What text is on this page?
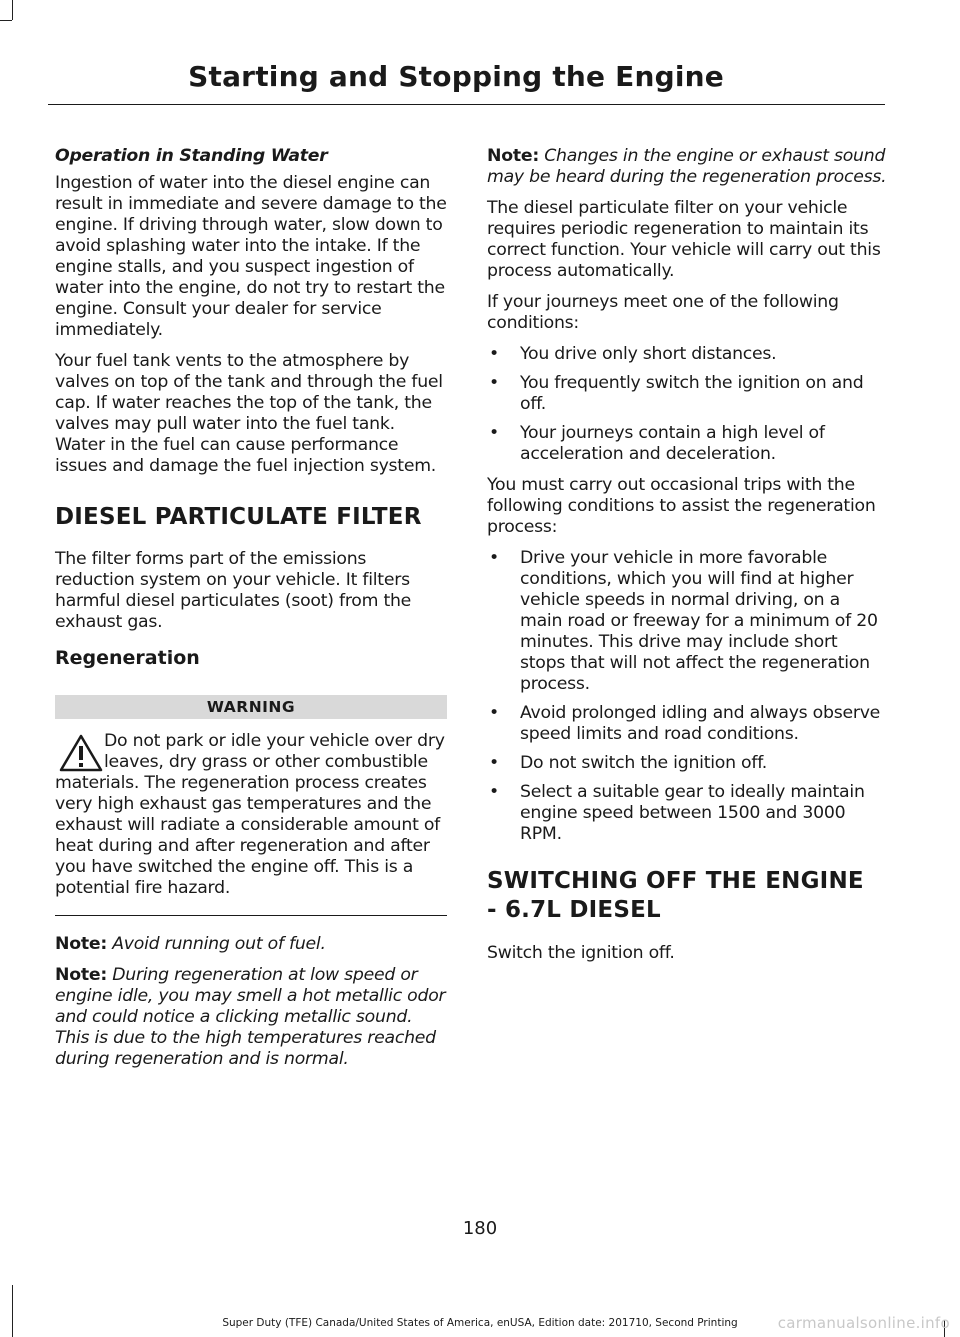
Starting and Stopping the Engine

Operation in Standing Water

Ingestion of water into the diesel engine can result in immediate and severe damage to the engine. If driving through water, slow down to avoid splashing water into the intake. If the engine stalls, and you suspect ingestion of water into the engine, do not try to restart the engine. Consult your dealer for service immediately.

Your fuel tank vents to the atmosphere by valves on top of the tank and through the fuel cap. If water reaches the top of the tank, the valves may pull water into the fuel tank. Water in the fuel can cause performance issues and damage the fuel injection system.

DIESEL PARTICULATE FILTER

The filter forms part of the emissions reduction system on your vehicle. It filters harmful diesel particulates (soot) from the exhaust gas.

Regeneration
WARNING
Do not park or idle your vehicle over dry leaves, dry grass or other combustible materials. The regeneration process creates very high exhaust gas temperatures and the exhaust will radiate a considerable amount of heat during and after regeneration and after you have switched the engine off. This is a potential fire hazard.

Note: Avoid running out of fuel.

Note: During regeneration at low speed or engine idle, you may smell a hot metallic odor and could notice a clicking metallic sound. This is due to the high temperatures reached during regeneration and is normal.

Note: Changes in the engine or exhaust sound may be heard during the regeneration process.

The diesel particulate filter on your vehicle requires periodic regeneration to maintain its correct function. Your vehicle will carry out this process automatically.

If your journeys meet one of the following conditions:

• You drive only short distances.
• You frequently switch the ignition on and off.
• Your journeys contain a high level of acceleration and deceleration.

You must carry out occasional trips with the following conditions to assist the regeneration process:

• Drive your vehicle in more favorable conditions, which you will find at higher vehicle speeds in normal driving, on a main road or freeway for a minimum of 20 minutes. This drive may include short stops that will not affect the regeneration process.
• Avoid prolonged idling and always observe speed limits and road conditions.
• Do not switch the ignition off.
• Select a suitable gear to ideally maintain engine speed between 1500 and 3000 RPM.
SWITCHING OFF THE ENGINE
- 6.7L DIESEL

Switch the ignition off.

180
Super Duty (TFE) Canada/United States of America, enUSA, Edition date: 201710, Second Printing	carmanualsonline.info
